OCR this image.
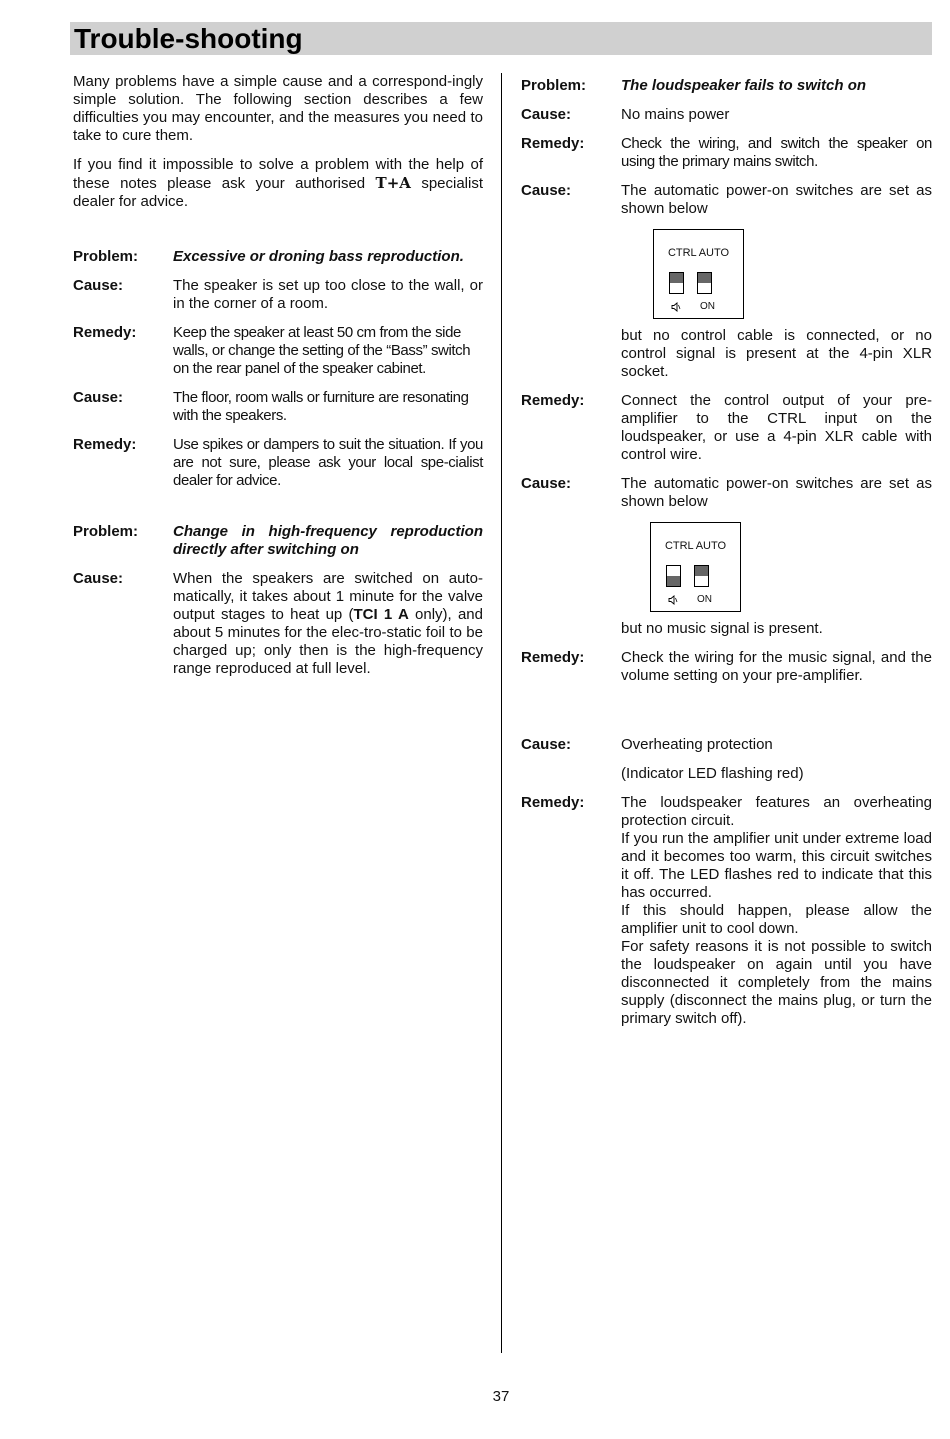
Trouble-shooting

Many problems have a simple cause and a correspond-ingly simple solution. The following section describes a few difficulties you may encounter, and the measures you need to take to cure them.

If you find it impossible to solve a problem with the help of these notes please ask your authorised T+A specialist dealer for advice.

Problem:	Excessive or droning bass reproduction.
Cause:	The speaker is set up too close to the wall, or in the corner of a room.
Remedy:	Keep the speaker at least 50 cm from the side walls, or change the setting of the “Bass” switch on the rear panel of the speaker cabinet.
Cause:	The floor, room walls or furniture are resonating with the speakers.
Remedy:	Use spikes or dampers to suit the situation. If you are not sure, please ask your local spe-cialist dealer for advice.
Problem:	Change in high-frequency reproduction directly after switching on
Cause:	When the speakers are switched on auto-matically, it takes about 1 minute for the valve output stages to heat up (TCI 1 A only), and about 5 minutes for the elec-tro-static foil to be charged up; only then is the high-frequency range reproduced at full level.
Problem:	The loudspeaker fails to switch on
Cause:	No mains power
Remedy:	Check the wiring, and switch the speaker on using the primary mains switch.
Cause:	The automatic power-on switches are set as shown below
CTRL AUTO
ON
but no control cable is connected, or no control signal is present at the 4-pin XLR socket.
Remedy:	Connect the control output of your pre-amplifier to the CTRL input on the loudspeaker, or use a 4-pin XLR cable with control wire.
Cause:	The automatic power-on switches are set as shown below
CTRL AUTO
ON
but no music signal is present.
Remedy:	Check the wiring for the music signal, and the volume setting on your pre-amplifier.
Cause:	Overheating protection
(Indicator LED flashing red)
Remedy:	The loudspeaker features an overheating protection circuit.
If you run the amplifier unit under extreme load and it becomes too warm, this circuit switches it off. The LED flashes red to indicate that this has occurred.
If this should happen, please allow the amplifier unit to cool down.
For safety reasons it is not possible to switch the loudspeaker on again until you have disconnected it completely from the mains supply (disconnect the mains plug, or turn the primary switch off).
37
